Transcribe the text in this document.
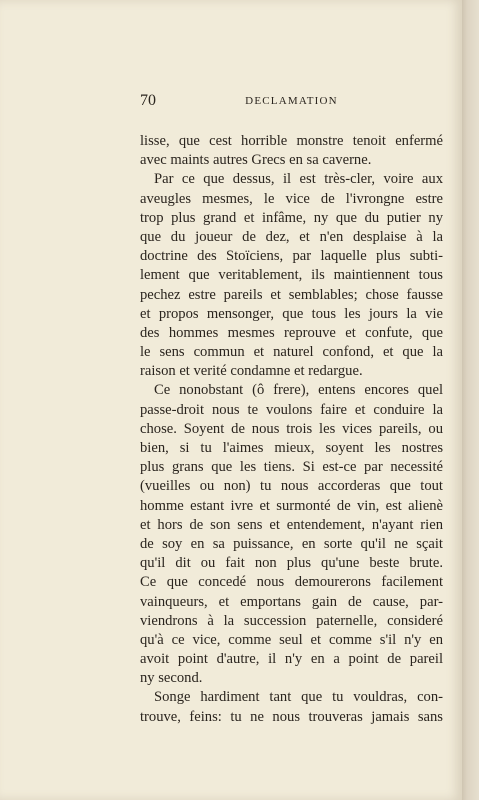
70	DECLAMATION
lisse, que cest horrible monstre tenoit enfermé
avec maints autres Grecs en sa caverne.
Par ce que dessus, il est très-cler, voire aux
aveugles mesmes, le vice de l'ivrongne estre
trop plus grand et infâme, ny que du putier ny
que du joueur de dez, et n'en desplaise à la
doctrine des Stoïciens, par laquelle plus subti-
lement que veritablement, ils maintiennent tous
pechez estre pareils et semblables; chose fausse
et propos mensonger, que tous les jours la vie
des hommes mesmes reprouve et confute, que
le sens commun et naturel confond, et que la
raison et verité condamne et redargue.
Ce nonobstant (ô frere), entens encores quel
passe-droit nous te voulons faire et conduire la
chose. Soyent de nous trois les vices pareils, ou
bien, si tu l'aimes mieux, soyent les nostres
plus grans que les tiens. Si est-ce par necessité
(vueilles ou non) tu nous accorderas que tout
homme estant ivre et surmonté de vin, est alienè
et hors de son sens et entendement, n'ayant rien
de soy en sa puissance, en sorte qu'il ne sçait
qu'il dit ou fait non plus qu'une beste brute.
Ce que concedé nous demourerons facilement
vainqueurs, et emportans gain de cause, par-
viendrons à la succession paternelle, consideré
qu'à ce vice, comme seul et comme s'il n'y en
avoit point d'autre, il n'y en a point de pareil
ny second.
Songe hardiment tant que tu vouldras, con-
trouve, feins: tu ne nous trouveras jamais sans
